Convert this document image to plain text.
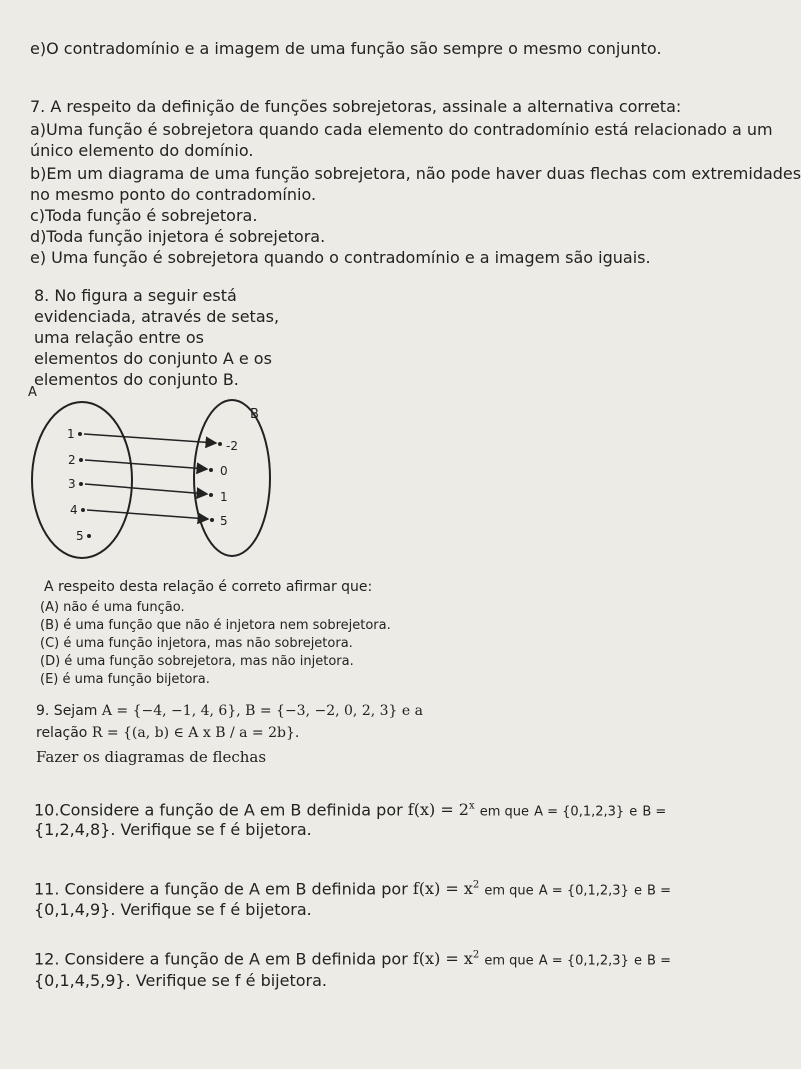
e)O contradomínio e a imagem de uma função são sempre o mesmo conjunto.
7. A respeito da definição de funções sobrejetoras, assinale a alternativa correta:
a)Uma função é sobrejetora quando cada elemento do contradomínio está relacionado a um
único elemento do domínio.
b)Em um diagrama de uma função sobrejetora, não pode haver duas flechas com extremidades
no mesmo ponto do contradomínio.
c)Toda função é sobrejetora.
d)Toda função injetora é sobrejetora.
e) Uma função é sobrejetora quando o contradomínio e a imagem são iguais.
8. No figura a seguir está
evidenciada, através de setas,
uma relação entre os
elementos do conjunto A e os
elementos do conjunto B.
A
B
1
2
3
4
5
-2
0
1
5
A respeito desta relação é correto afirmar que:
(A) não é uma função.
(B) é uma função que não é injetora nem sobrejetora.
(C) é uma função injetora, mas não sobrejetora.
(D) é uma função sobrejetora, mas não injetora.
(E) é uma função bijetora.
9. Sejam A = {−4, −1, 4, 6}, B = {−3, −2, 0, 2, 3} e a
relação R = {(a, b) ∈ A x B / a = 2b}.
Fazer os diagramas de flechas
10.Considere a função de A em B definida por $f(x) = 2^x$ em que A = {0,1,2,3} e B =
{1,2,4,8}. Verifique se f é bijetora.
11. Considere a função de A em B definida por $f(x) = x^2$ em que A = {0,1,2,3} e B =
{0,1,4,9}. Verifique se f é bijetora.
12. Considere a função de A em B definida por $f(x) = x^2$ em que A = {0,1,2,3} e B =
{0,1,4,5,9}. Verifique se f é bijetora.
